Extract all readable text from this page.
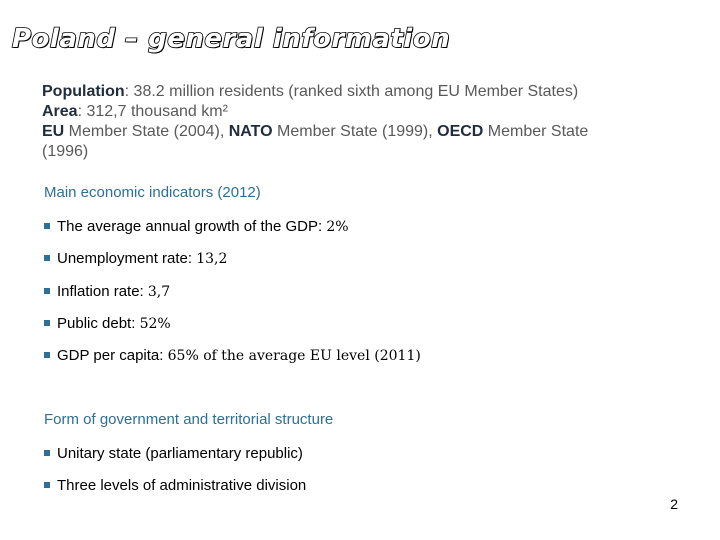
Poland – general information
Population: 38.2 million residents (ranked sixth among EU Member States)
Area: 312,7 thousand km²
EU Member State (2004), NATO Member State (1999), OECD Member State
(1996)
Main economic indicators (2012)
The average annual growth of the GDP: 2%
Unemployment rate: 13,2
Inflation rate: 3,7
Public debt: 52%
GDP per capita: 65% of the average EU level (2011)
Form of government and territorial structure
Unitary state (parliamentary republic)
Three levels of administrative division
2
